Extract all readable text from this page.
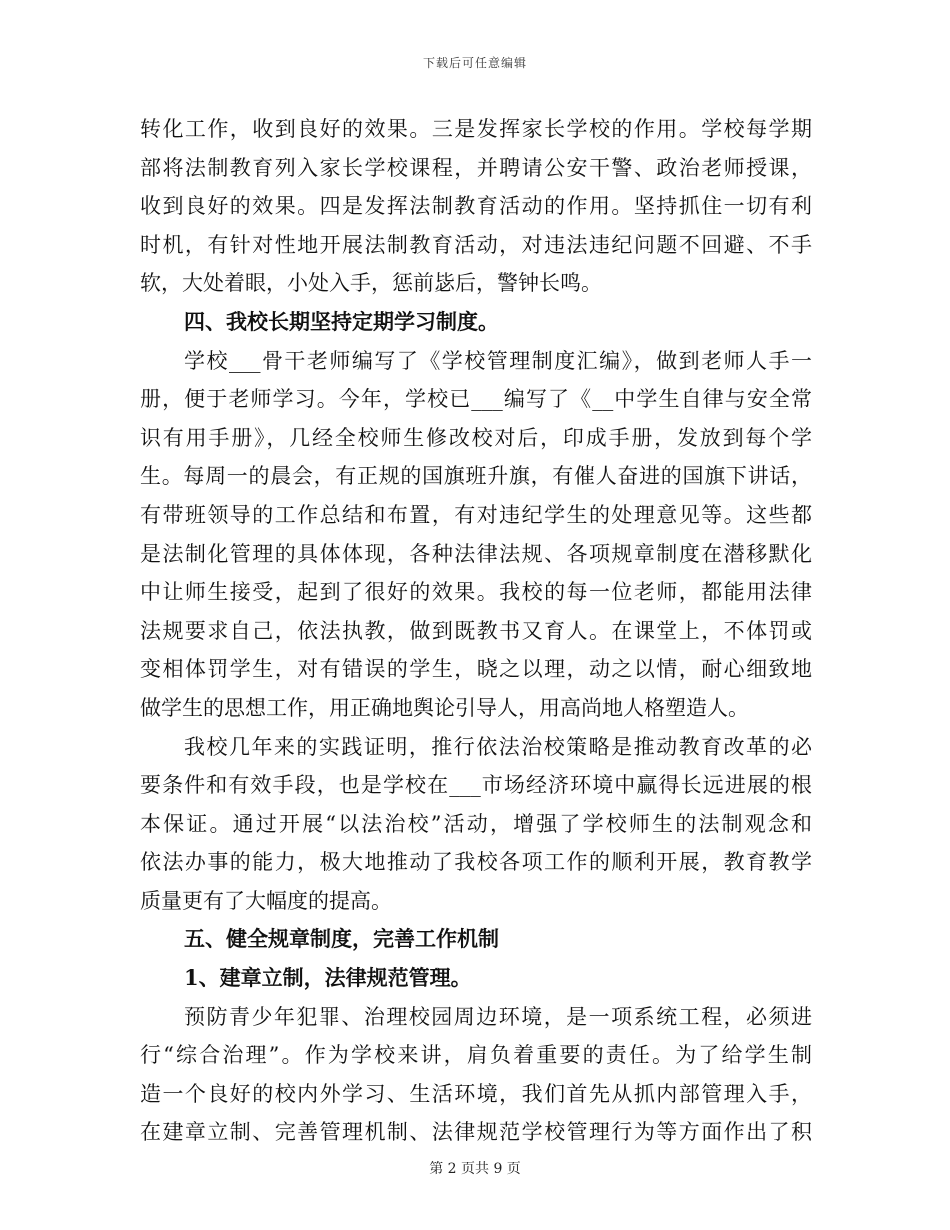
下载后可任意编辑
转化工作，收到良好的效果。三是发挥家长学校的作用。学校每学期
部将法制教育列入家长学校课程，并聘请公安干警、政治老师授课，
收到良好的效果。四是发挥法制教育活动的作用。坚持抓住一切有利
时机，有针对性地开展法制教育活动，对违法违纪问题不回避、不手
软，大处着眼，小处入手，惩前毖后，警钟长鸣。
四、我校长期坚持定期学习制度。
学校___骨干老师编写了《学校管理制度汇编》，做到老师人手一
册，便于老师学习。今年，学校已___编写了《__中学生自律与安全常
识有用手册》，几经全校师生修改校对后，印成手册，发放到每个学
生。每周一的晨会，有正规的国旗班升旗，有催人奋进的国旗下讲话，
有带班领导的工作总结和布置，有对违纪学生的处理意见等。这些都
是法制化管理的具体体现，各种法律法规、各项规章制度在潜移默化
中让师生接受，起到了很好的效果。我校的每一位老师，都能用法律
法规要求自己，依法执教，做到既教书又育人。在课堂上，不体罚或
变相体罚学生，对有错误的学生，晓之以理，动之以情，耐心细致地
做学生的思想工作，用正确地舆论引导人，用高尚地人格塑造人。
我校几年来的实践证明，推行依法治校策略是推动教育改革的必
要条件和有效手段，也是学校在___市场经济环境中赢得长远进展的根
本保证。通过开展“以法治校”活动，增强了学校师生的法制观念和
依法办事的能力，极大地推动了我校各项工作的顺利开展，教育教学
质量更有了大幅度的提高。
五、健全规章制度，完善工作机制
1、建章立制，法律规范管理。
预防青少年犯罪、治理校园周边环境，是一项系统工程，必须进
行“综合治理”。作为学校来讲，肩负着重要的责任。为了给学生制
造一个良好的校内外学习、生活环境，我们首先从抓内部管理入手，
在建章立制、完善管理机制、法律规范学校管理行为等方面作出了积
第 2 页共 9 页
